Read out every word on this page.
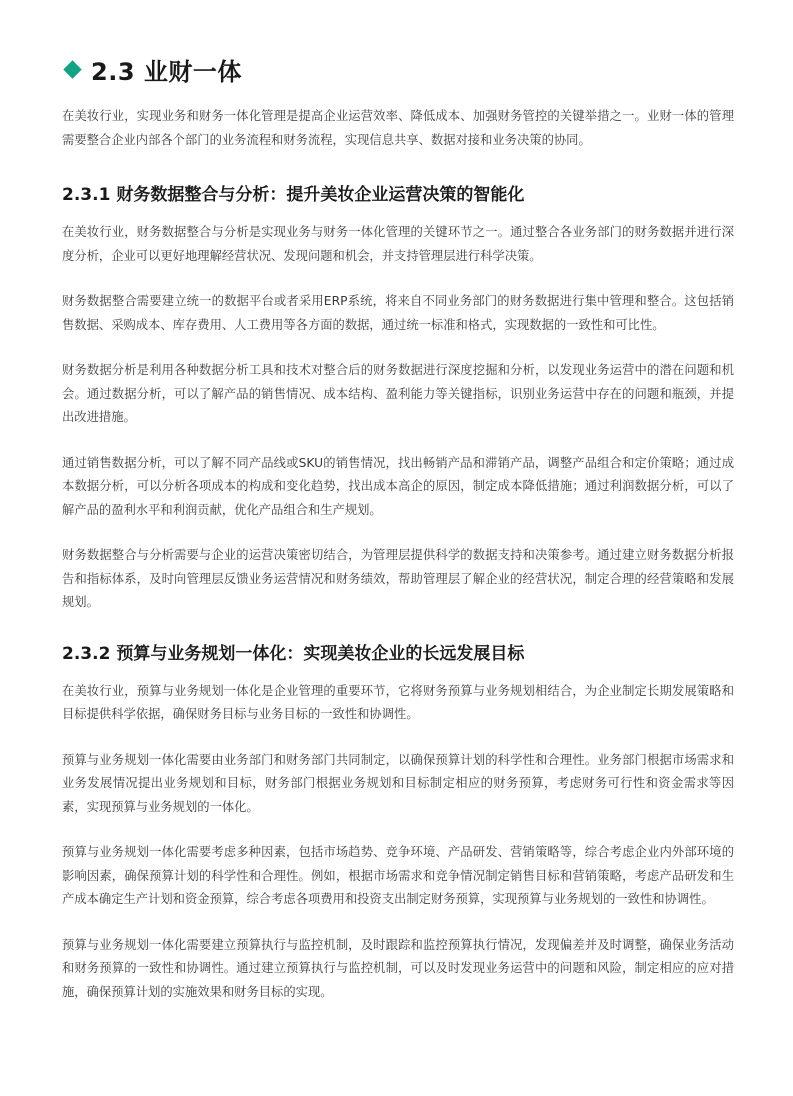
2.3 业财一体

在美妆行业，实现业务和财务一体化管理是提高企业运营效率、降低成本、加强财务管控的关键举措之一。业财一体的管理需要整合企业内部各个部门的业务流程和财务流程，实现信息共享、数据对接和业务决策的协同。

2.3.1 财务数据整合与分析：提升美妆企业运营决策的智能化

在美妆行业，财务数据整合与分析是实现业务与财务一体化管理的关键环节之一。通过整合各业务部门的财务数据并进行深度分析，企业可以更好地理解经营状况、发现问题和机会，并支持管理层进行科学决策。

财务数据整合需要建立统一的数据平台或者采用ERP系统，将来自不同业务部门的财务数据进行集中管理和整合。这包括销售数据、采购成本、库存费用、人工费用等各方面的数据，通过统一标准和格式，实现数据的一致性和可比性。

财务数据分析是利用各种数据分析工具和技术对整合后的财务数据进行深度挖掘和分析，以发现业务运营中的潜在问题和机会。通过数据分析，可以了解产品的销售情况、成本结构、盈利能力等关键指标，识别业务运营中存在的问题和瓶颈，并提出改进措施。

通过销售数据分析，可以了解不同产品线或SKU的销售情况，找出畅销产品和滞销产品，调整产品组合和定价策略；通过成本数据分析，可以分析各项成本的构成和变化趋势，找出成本高企的原因，制定成本降低措施；通过利润数据分析，可以了解产品的盈利水平和利润贡献，优化产品组合和生产规划。

财务数据整合与分析需要与企业的运营决策密切结合，为管理层提供科学的数据支持和决策参考。通过建立财务数据分析报告和指标体系，及时向管理层反馈业务运营情况和财务绩效，帮助管理层了解企业的经营状况，制定合理的经营策略和发展规划。

2.3.2 预算与业务规划一体化：实现美妆企业的长远发展目标

在美妆行业，预算与业务规划一体化是企业管理的重要环节，它将财务预算与业务规划相结合，为企业制定长期发展策略和目标提供科学依据，确保财务目标与业务目标的一致性和协调性。

预算与业务规划一体化需要由业务部门和财务部门共同制定，以确保预算计划的科学性和合理性。业务部门根据市场需求和业务发展情况提出业务规划和目标，财务部门根据业务规划和目标制定相应的财务预算，考虑财务可行性和资金需求等因素，实现预算与业务规划的一体化。

预算与业务规划一体化需要考虑多种因素，包括市场趋势、竞争环境、产品研发、营销策略等，综合考虑企业内外部环境的影响因素，确保预算计划的科学性和合理性。例如，根据市场需求和竞争情况制定销售目标和营销策略，考虑产品研发和生产成本确定生产计划和资金预算，综合考虑各项费用和投资支出制定财务预算，实现预算与业务规划的一致性和协调性。

预算与业务规划一体化需要建立预算执行与监控机制，及时跟踪和监控预算执行情况，发现偏差并及时调整，确保业务活动和财务预算的一致性和协调性。通过建立预算执行与监控机制，可以及时发现业务运营中的问题和风险，制定相应的应对措施，确保预算计划的实施效果和财务目标的实现。
